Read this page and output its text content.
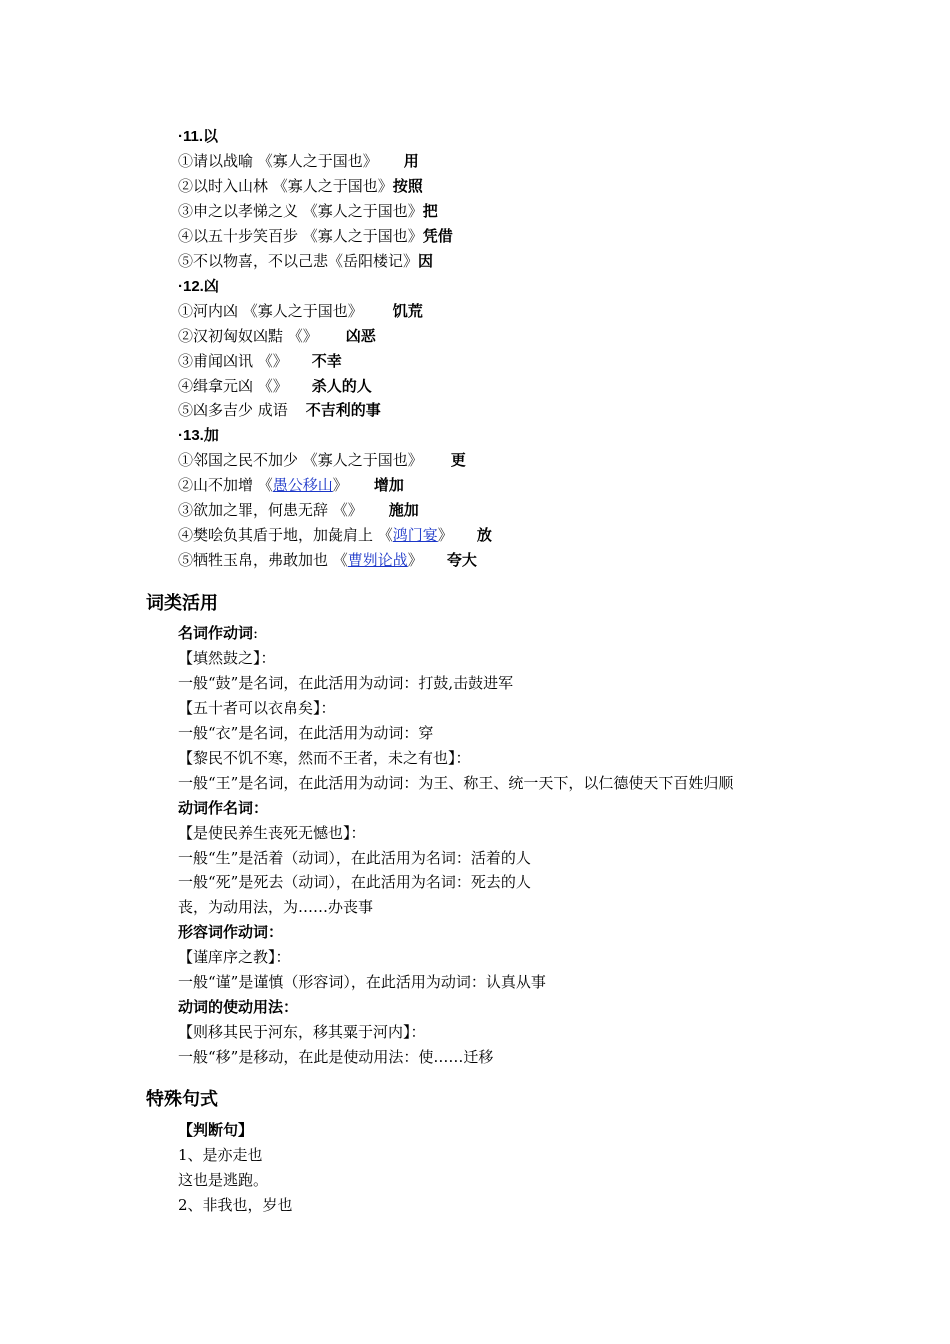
·11.以
①请以战喻 《寡人之于国也》 用
②以时入山林 《寡人之于国也》按照
③申之以孝悌之义 《寡人之于国也》把
④以五十步笑百步 《寡人之于国也》凭借
⑤不以物喜，不以己悲《岳阳楼记》因
·12.凶
①河内凶 《寡人之于国也》 饥荒
②汉初匈奴凶黠 《》 凶恶
③甫闻凶讯 《》 不幸
④缉拿元凶 《》 杀人的人
⑤凶多吉少 成语 不吉利的事
·13.加
①邻国之民不加少 《寡人之于国也》 更
②山不加增 《愚公移山》 增加
③欲加之罪，何患无辞 《》 施加
④樊哙负其盾于地，加彘肩上 《鸿门宴》 放
⑤牺牲玉帛，弗敢加也 《曹刿论战》 夸大
词类活用
名词作动词:
【填然鼓之】：
一般“鼓”是名词，在此活用为动词：打鼓,击鼓进军
【五十者可以衣帛矣】：
一般“衣”是名词，在此活用为动词：穿
【黎民不饥不寒，然而不王者，未之有也】：
一般“王”是名词，在此活用为动词：为王、称王、统一天下，以仁德使天下百姓归顺
动词作名词：
【是使民养生丧死无憾也】：
一般“生”是活着（动词），在此活用为名词：活着的人
一般“死”是死去（动词），在此活用为名词：死去的人
丧，为动用法，为……办丧事
形容词作动词：
【谨庠序之教】：
一般“谨”是谨慎（形容词），在此活用为动词：认真从事
动词的使动用法：
【则移其民于河东，移其粟于河内】：
一般“移”是移动，在此是使动用法：使……迁移
特殊句式
【判断句】
1、是亦走也
这也是逃跑。
2、非我也，岁也
